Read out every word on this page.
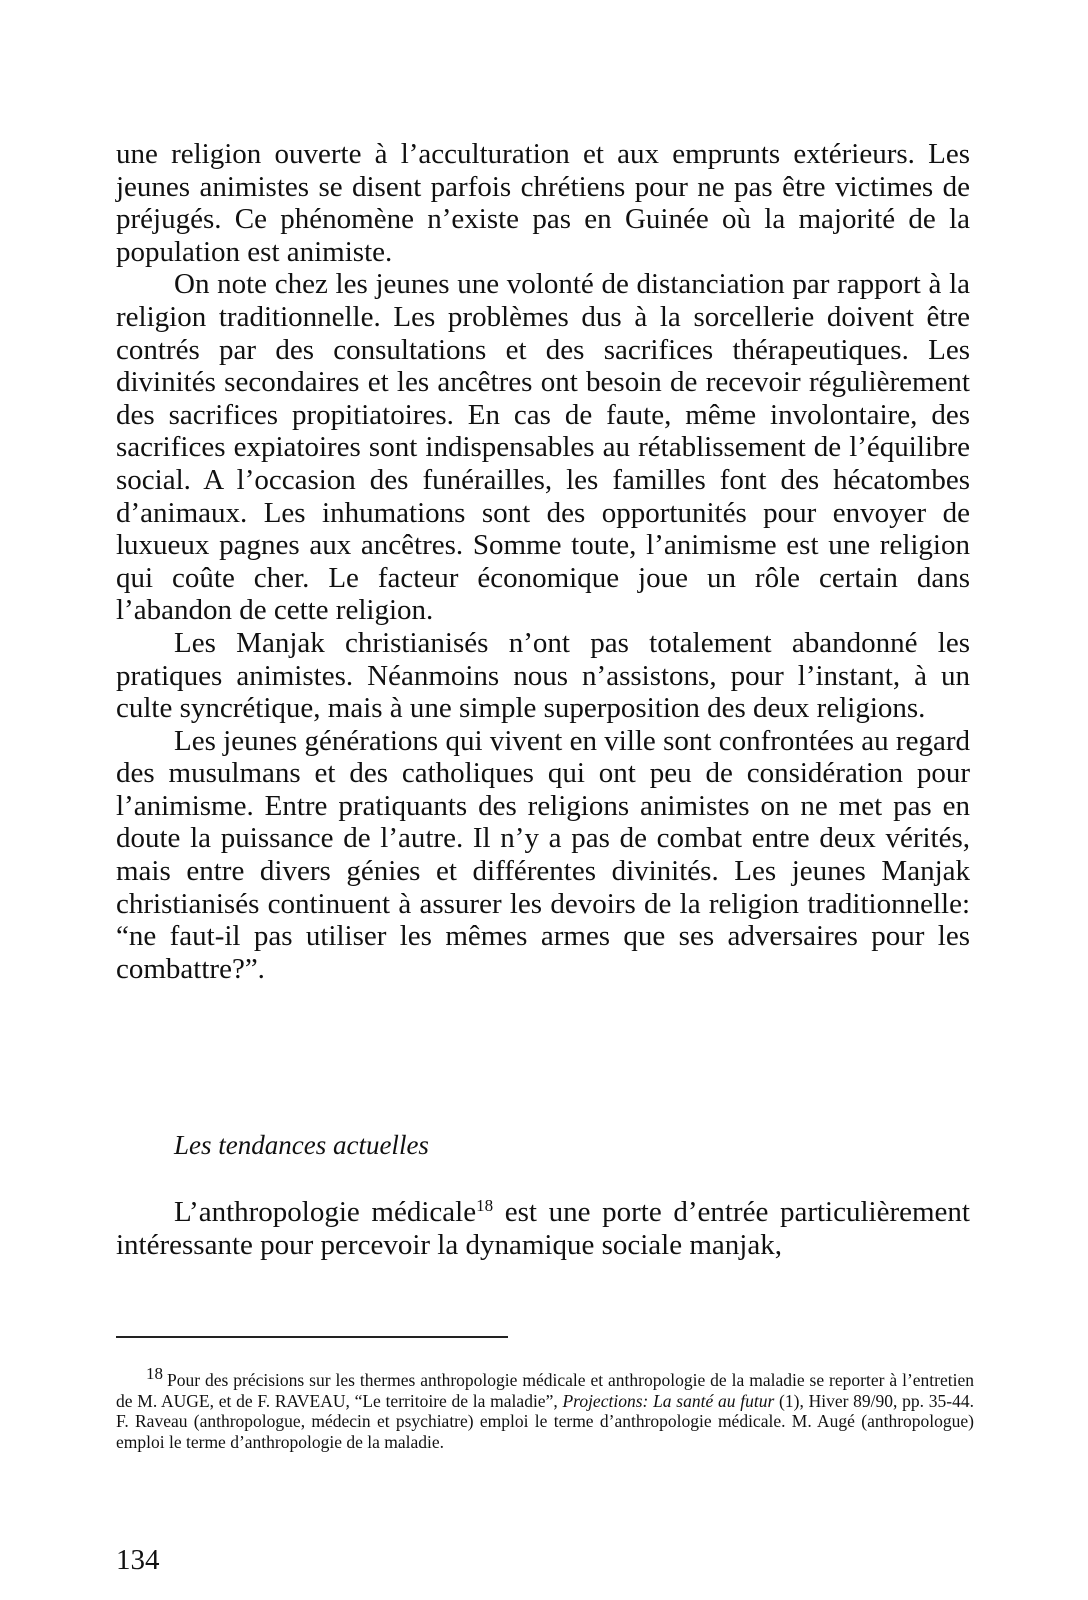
une religion ouverte à l’acculturation et aux emprunts extérieurs. Les jeunes animistes se disent parfois chrétiens pour ne pas être victimes de préjugés. Ce phénomène n’existe pas en Guinée où la majorité de la population est animiste.

On note chez les jeunes une volonté de distanciation par rapport à la religion traditionnelle. Les problèmes dus à la sorcellerie doivent être contrés par des consultations et des sacrifices thérapeutiques. Les divinités secondaires et les ancêtres ont besoin de recevoir régulièrement des sacrifices propitiatoires. En cas de faute, même involontaire, des sacrifices expiatoires sont indispensables au rétablissement de l’équilibre social. A l’occasion des funérailles, les familles font des hécatombes d’animaux. Les inhumations sont des opportunités pour envoyer de luxueux pagnes aux ancêtres. Somme toute, l’animisme est une religion qui coûte cher. Le facteur économique joue un rôle certain dans l’abandon de cette religion.

Les Manjak christianisés n’ont pas totalement abandonné les pratiques animistes. Néanmoins nous n’assistons, pour l’instant, à un culte syncrétique, mais à une simple superposition des deux religions.

Les jeunes générations qui vivent en ville sont confrontées au regard des musulmans et des catholiques qui ont peu de considération pour l’animisme. Entre pratiquants des religions animistes on ne met pas en doute la puissance de l’autre. Il n’y a pas de combat entre deux vérités, mais entre divers génies et différentes divinités. Les jeunes Manjak christianisés continuent à assurer les devoirs de la religion traditionnelle: “ne faut-il pas utiliser les mêmes armes que ses adversaires pour les combattre?”.

Les tendances actuelles

L’anthropologie médicale$^{18}$ est une porte d’entrée particulièrement intéressante pour percevoir la dynamique sociale manjak,

18 Pour des précisions sur les thermes anthropologie médicale et anthropologie de la maladie se reporter à l’entretien de M. AUGE, et de F. RAVEAU, “Le territoire de la maladie”, Projections: La santé au futur (1), Hiver 89/90, pp. 35-44. F. Raveau (anthropologue, médecin et psychiatre) emploi le terme d’anthropologie médicale. M. Augé (anthropologue) emploi le terme d’anthropologie de la maladie.
134
